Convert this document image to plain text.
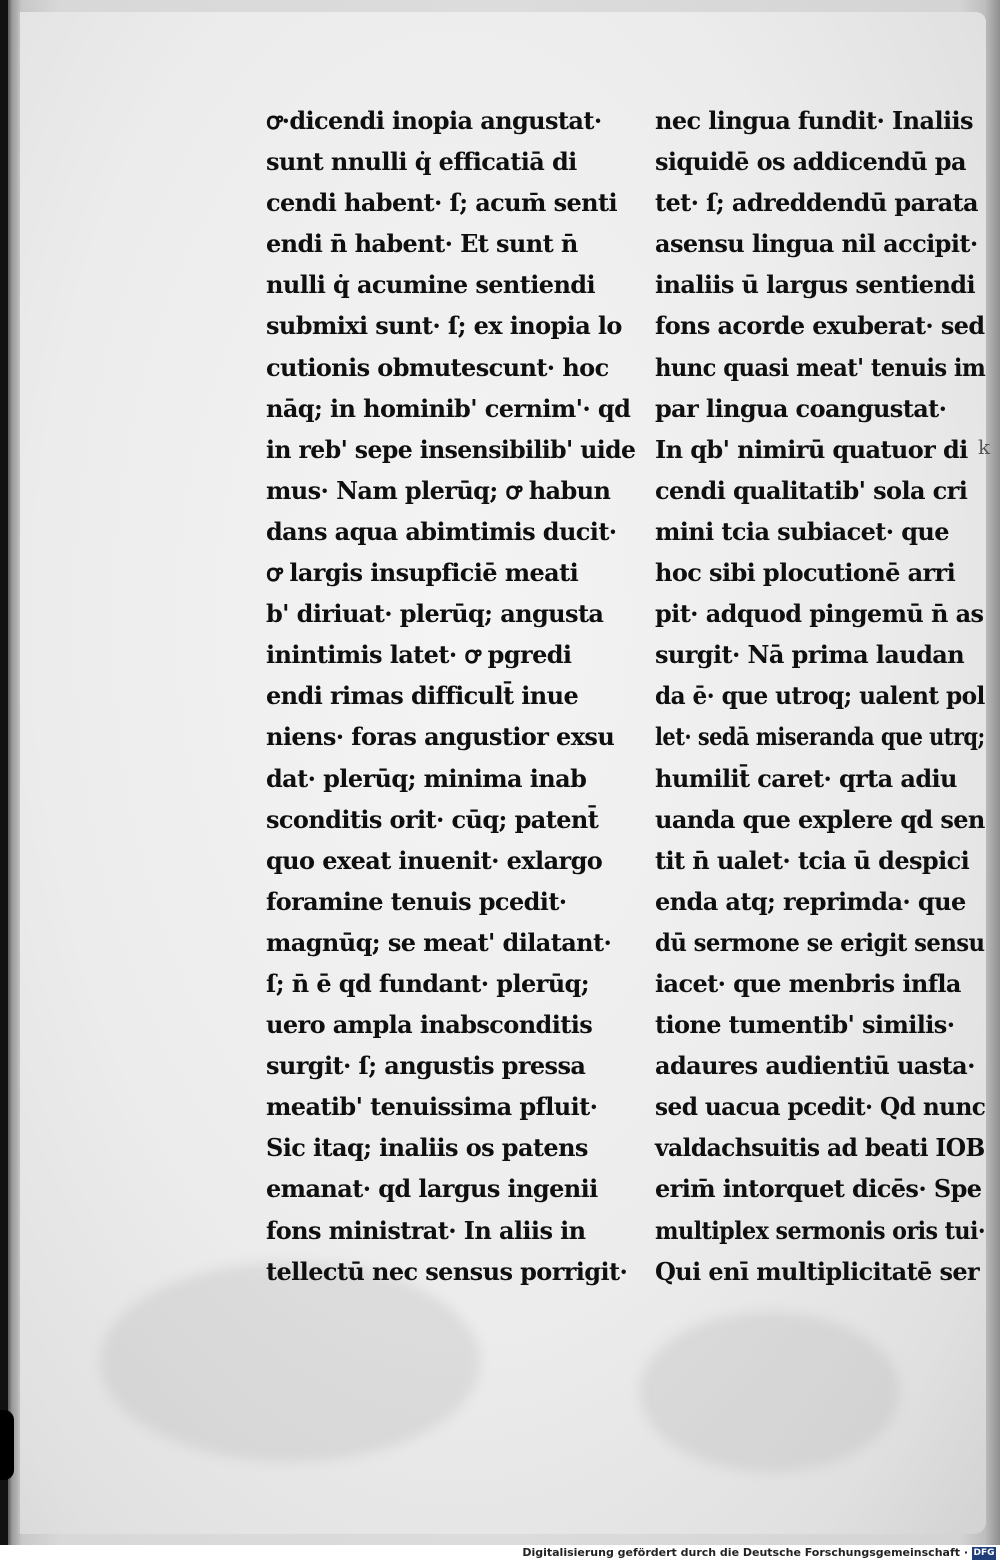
ꝍ·dicendi inopia angustat·
sunt nnulli q̇ efficatiā di
cendi habent· ſ; acum̄ senti
endi n̄ habent· Et sunt n̄
nulli q̇ acumine sentiendi
submixi sunt· ſ; ex inopia lo
cutionis obmutescunt· hoc
nāq; in hominib' cernim'· qd
in reb' sepe insensibilib' uide
mus· Nam plerūq; ꝍ habun
dans aqua abimtimis ducit·
ꝍ largis insupficiē meati
b' diriuat· plerūq; angusta
inintimis latet· ꝍ pgredi
endi rimas difficult̄ inue
niens· foras angustior exsu
dat· plerūq; minima inab
sconditis orit· cūq; patent̄
quo exeat inuenit· exlargo
foramine tenuis pcedit·
magnūq; se meat' dilatant·
ſ; n̄ ē qd fundant· plerūq;
uero ampla inabsconditis
surgit· ſ; angustis pressa
meatib' tenuissima pfluit·
Sic itaq; inaliis os patens
emanat· qd largus ingenii
fons ministrat· In aliis in
tellectū nec sensus porrigit·
nec lingua fundit· Inaliis
siquidē os addicendū pa
tet· ſ; adreddendū parata
asensu lingua nil accipit·
inaliis ū largus sentiendi
fons acorde exuberat· sed
hunc quasi meat' tenuis im
par lingua coangustat·
In qb' nimirū quatuor di
cendi qualitatib' sola cri
mini tcia subiacet· que
hoc sibi plocutionē arri
pit· adquod pingemū n̄ as
surgit· Nā prima laudan
da ē· que utroq; ualent pol
let· sedā miseranda que utrq;
humilit̄ caret· qrta adiu
uanda que explere qd sen
tit n̄ ualet· tcia ū despici
enda atq; reprimda· que
dū sermone se erigit sensu
iacet· que menbris infla
tione tumentib' similis·
adaures audientiū uasta·
sed uacua pcedit· Qd nunc
valdachsuitis ad beati IOB
erim̄ intorquet dicēs· Spe
multiplex sermonis oris tui·
Qui enī multiplicitatē ser
k
Digitalisierung gefördert durch die Deutsche Forschungsgemeinschaft · DFG
